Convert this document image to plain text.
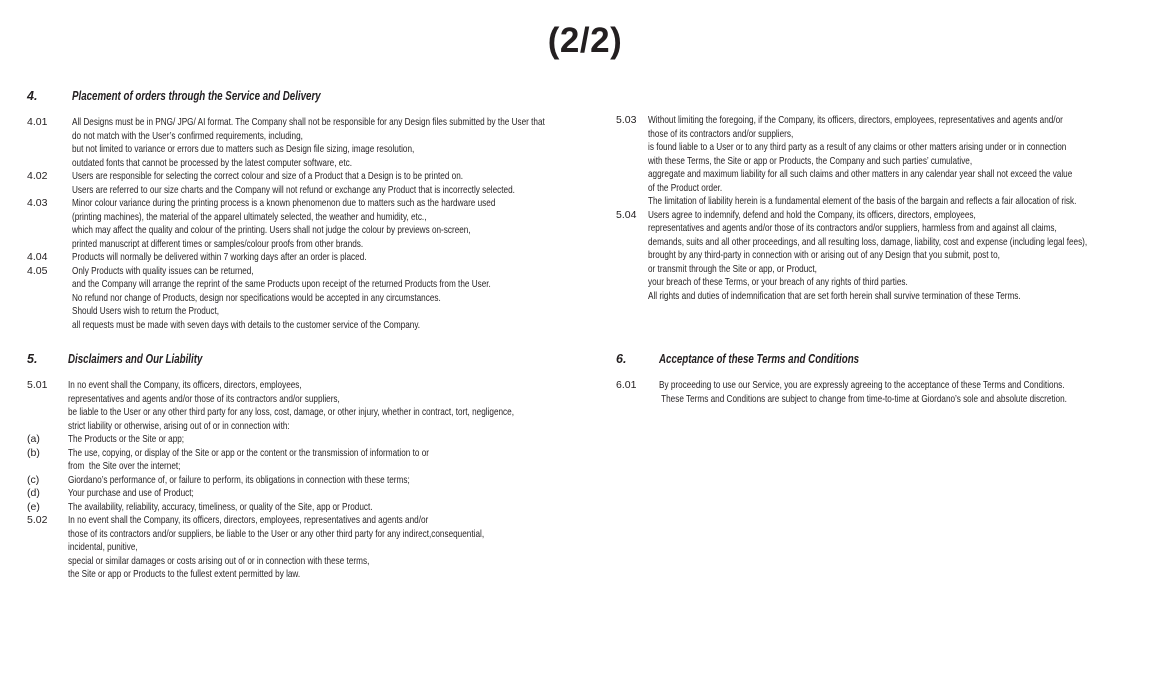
(2/2)
4.	Placement of orders through the Service and Delivery
4.01	All Designs must be in PNG/ JPG/ AI format. The Company shall not be responsible for any Design files submitted by the User that
do not match with the User’s confirmed requirements, including,
but not limited to variance or errors due to matters such as Design file sizing, image resolution,
outdated fonts that cannot be processed by the latest computer software, etc.
4.02	Users are responsible for selecting the correct colour and size of a Product that a Design is to be printed on.
Users are referred to our size charts and the Company will not refund or exchange any Product that is incorrectly selected.
4.03	Minor colour variance during the printing process is a known phenomenon due to matters such as the hardware used
(printing machines), the material of the apparel ultimately selected, the weather and humidity, etc.,
which may affect the quality and colour of the printing. Users shall not judge the colour by previews on-screen,
printed manuscript at different times or samples/colour proofs from other brands.
4.04	Products will normally be delivered within 7 working days after an order is placed.
4.05	Only Products with quality issues can be returned,
and the Company will arrange the reprint of the same Products upon receipt of the returned Products from the User.
No refund nor change of Products, design nor specifications would be accepted in any circumstances.
Should Users wish to return the Product,
all requests must be made with seven days with details to the customer service of the Company.
5.	Disclaimers and Our Liability
5.01	In no event shall the Company, its officers, directors, employees,
representatives and agents and/or those of its contractors and/or suppliers,
be liable to the User or any other third party for any loss, cost, damage, or other injury, whether in contract, tort, negligence,
strict liability or otherwise, arising out of or in connection with:
(a)	The Products or the Site or app;
(b)	The use, copying, or display of the Site or app or the content or the transmission of information to or
from  the Site over the internet;
(c)	Giordano’s performance of, or failure to perform, its obligations in connection with these terms;
(d)	Your purchase and use of Product;
(e)	The availability, reliability, accuracy, timeliness, or quality of the Site, app or Product.
5.02	In no event shall the Company, its officers, directors, employees, representatives and agents and/or
those of its contractors and/or suppliers, be liable to the User or any other third party for any indirect,consequential,
incidental, punitive,
special or similar damages or costs arising out of or in connection with these terms,
the Site or app or Products to the fullest extent permitted by law.
5.03	Without limiting the foregoing, if the Company, its officers, directors, employees, representatives and agents and/or
those of its contractors and/or suppliers,
is found liable to a User or to any third party as a result of any claims or other matters arising under or in connection
with these Terms, the Site or app or Products, the Company and such parties’ cumulative,
aggregate and maximum liability for all such claims and other matters in any calendar year shall not exceed the value
of the Product order.
The limitation of liability herein is a fundamental element of the basis of the bargain and reflects a fair allocation of risk.
5.04	Users agree to indemnify, defend and hold the Company, its officers, directors, employees,
representatives and agents and/or those of its contractors and/or suppliers, harmless from and against all claims,
demands, suits and all other proceedings, and all resulting loss, damage, liability, cost and expense (including legal fees),
brought by any third-party in connection with or arising out of any Design that you submit, post to,
or transmit through the Site or app, or Product,
your breach of these Terms, or your breach of any rights of third parties.
All rights and duties of indemnification that are set forth herein shall survive termination of these Terms.
6.	Acceptance of these Terms and Conditions
6.01	By proceeding to use our Service, you are expressly agreeing to the acceptance of these Terms and Conditions.
These Terms and Conditions are subject to change from time-to-time at Giordano’s sole and absolute discretion.
